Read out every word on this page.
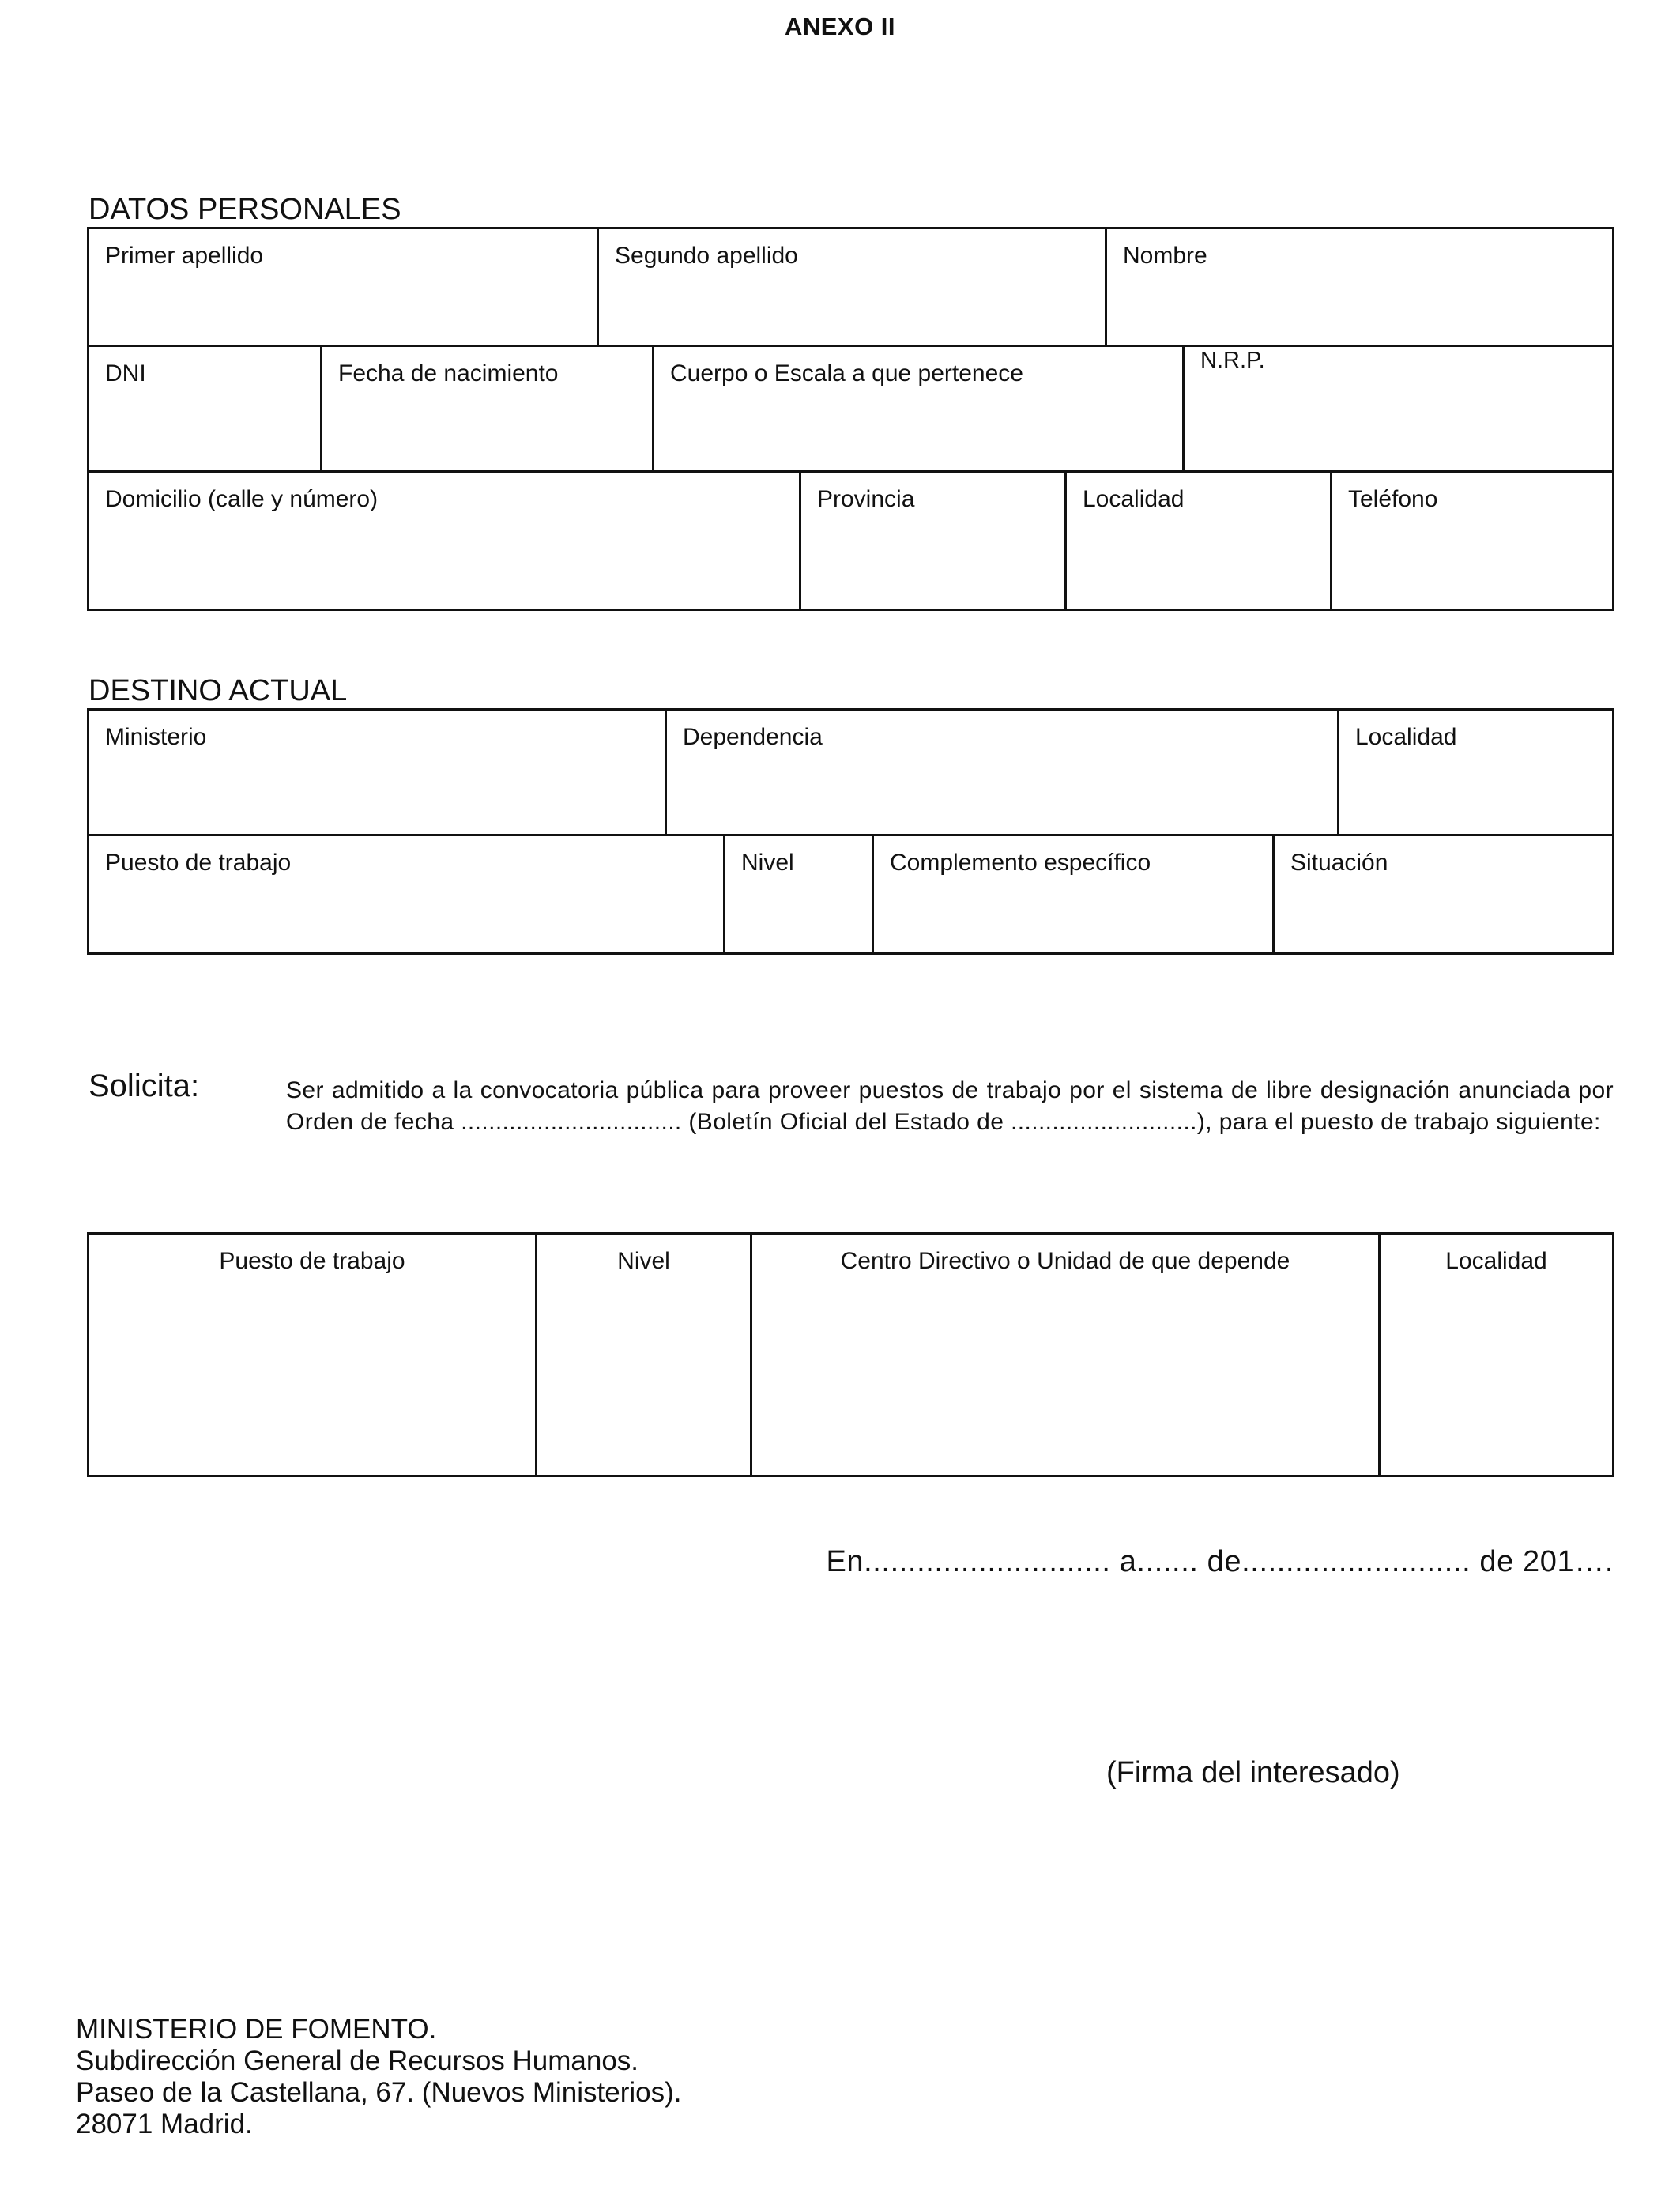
ANEXO II
DATOS PERSONALES
Primer apellido	Segundo apellido	Nombre
DNI	Fecha de nacimiento	Cuerpo o Escala a que pertenece	N.R.P.
Domicilio (calle y número)	Provincia	Localidad	Teléfono
DESTINO ACTUAL
Ministerio	Dependencia	Localidad
Puesto de trabajo	Nivel	Complemento específico	Situación
Solicita:	Ser admitido a la convocatoria pública para proveer puestos de trabajo por el sistema de libre designación anunciada por Orden de fecha ................................ (Boletín Oficial del Estado de ...........................), para el puesto de trabajo siguiente:
Puesto de trabajo	Nivel	Centro Directivo o Unidad de que depende	Localidad
En............................ a....... de.......................... de 201….
(Firma del interesado)
MINISTERIO DE FOMENTO.
Subdirección General de Recursos Humanos.
Paseo de la Castellana, 67. (Nuevos Ministerios).
28071 Madrid.
